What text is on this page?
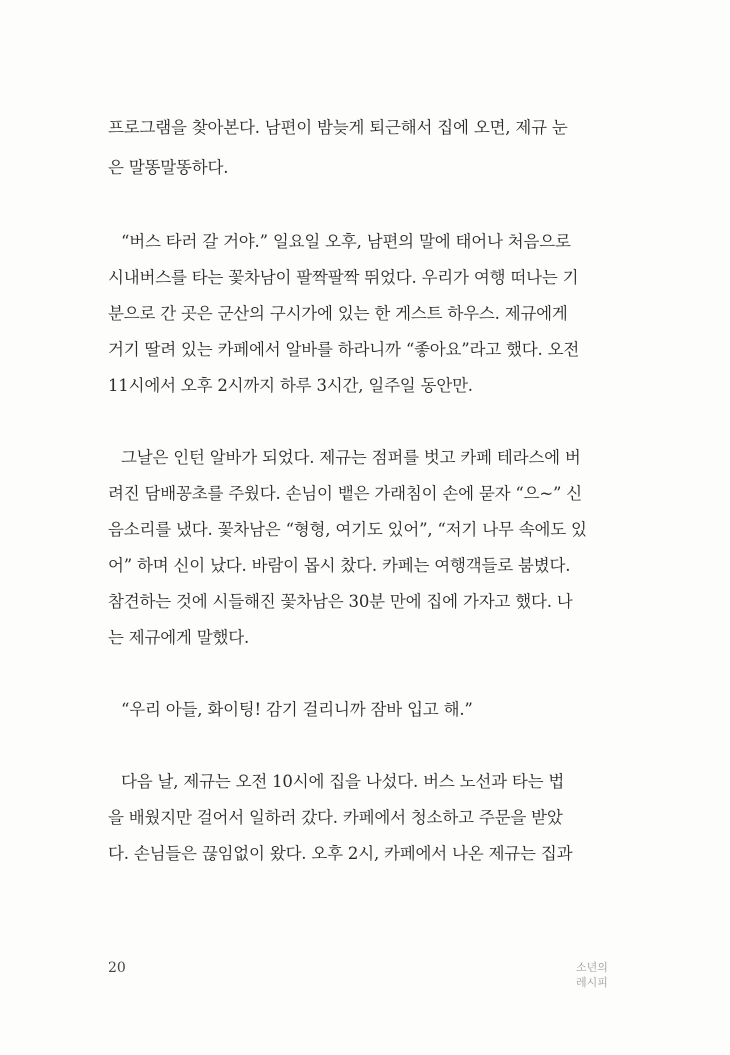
프로그램을 찾아본다. 남편이 밤늦게 퇴근해서 집에 오면, 제규 눈
은 말똥말똥하다.
“버스 타러 갈 거야.” 일요일 오후, 남편의 말에 태어나 처음으로
시내버스를 타는 꽃차남이 팔짝팔짝 뛰었다. 우리가 여행 떠나는 기
분으로 간 곳은 군산의 구시가에 있는 한 게스트 하우스. 제규에게
거기 딸려 있는 카페에서 알바를 하라니까 “좋아요”라고 했다. 오전
11시에서 오후 2시까지 하루 3시간, 일주일 동안만.
그날은 인턴 알바가 되었다. 제규는 점퍼를 벗고 카페 테라스에 버
려진 담배꽁초를 주웠다. 손님이 뱉은 가래침이 손에 묻자 “으~” 신
음소리를 냈다. 꽃차남은 “형형, 여기도 있어”, “저기 나무 속에도 있
어” 하며 신이 났다. 바람이 몹시 찼다. 카페는 여행객들로 붐볐다.
참견하는 것에 시들해진 꽃차남은 30분 만에 집에 가자고 했다. 나
는 제규에게 말했다.
“우리 아들, 화이팅! 감기 걸리니까 잠바 입고 해.”
다음 날, 제규는 오전 10시에 집을 나섰다. 버스 노선과 타는 법
을 배웠지만 걸어서 일하러 갔다. 카페에서 청소하고 주문을 받았
다. 손님들은 끊임없이 왔다. 오후 2시, 카페에서 나온 제규는 집과
20	소년의
레시피
